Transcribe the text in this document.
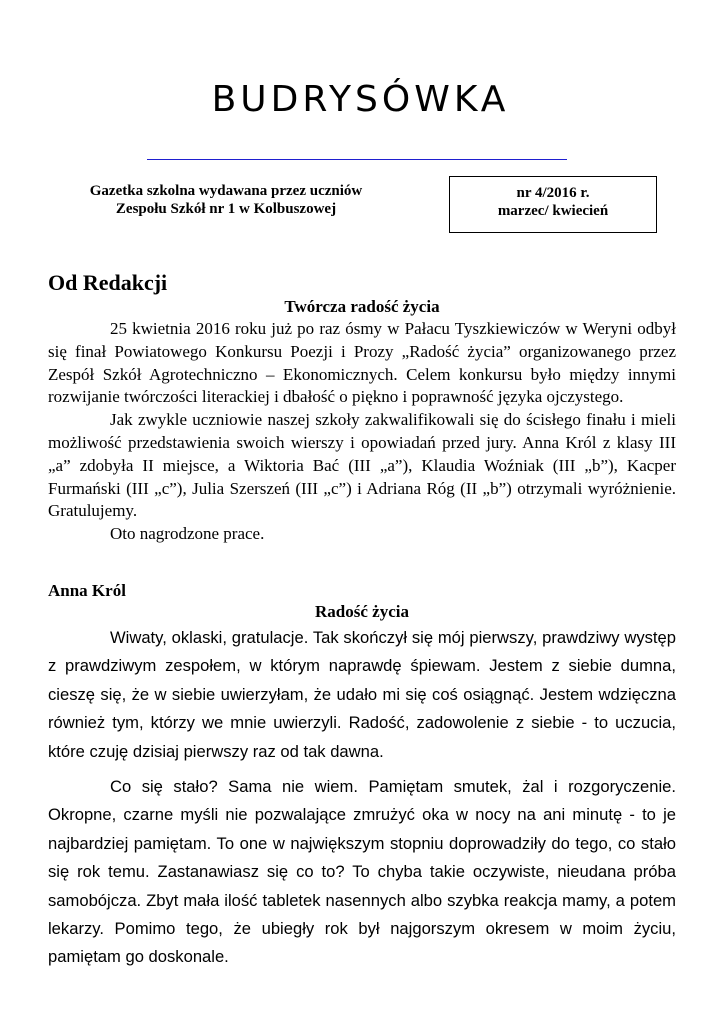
BUDRYSÓWKA
Gazetka szkolna wydawana przez uczniów
Zespołu Szkół nr 1 w Kolbuszowej
nr 4/2016 r.
marzec/ kwiecień
Od Redakcji
Twórcza radość życia

25 kwietnia 2016 roku już po raz ósmy w Pałacu Tyszkiewiczów w Weryni odbył się finał Powiatowego Konkursu Poezji i Prozy „Radość życia” organizowanego przez Zespół Szkół Agrotechniczno – Ekonomicznych. Celem konkursu było między innymi rozwijanie twórczości literackiej i dbałość o piękno i poprawność języka ojczystego.

Jak zwykle uczniowie naszej szkoły zakwalifikowali się do ścisłego finału i mieli możliwość przedstawienia swoich wierszy i opowiadań przed jury. Anna Król z klasy III „a” zdobyła II miejsce, a Wiktoria Bać (III „a”), Klaudia Woźniak (III „b”), Kacper Furmański (III „c”), Julia Szerszeń (III „c”) i Adriana Róg (II „b”) otrzymali wyróżnienie. Gratulujemy.

Oto nagrodzone prace.

Anna Król
Radość życia

Wiwaty, oklaski, gratulacje. Tak skończył się mój pierwszy, prawdziwy występ z prawdziwym zespołem, w którym naprawdę śpiewam. Jestem z siebie dumna, cieszę się, że w siebie uwierzyłam, że udało mi się coś osiągnąć. Jestem wdzięczna również tym, którzy we mnie uwierzyli. Radość, zadowolenie z siebie - to uczucia, które czuję dzisiaj pierwszy raz od tak dawna.

Co się stało? Sama nie wiem. Pamiętam smutek, żal i rozgoryczenie. Okropne, czarne myśli nie pozwalające zmrużyć oka w nocy na ani minutę - to je najbardziej pamiętam. To one w największym stopniu doprowadziły do tego, co stało się rok temu. Zastanawiasz się co to? To chyba takie oczywiste, nieudana próba samobójcza. Zbyt mała ilość tabletek nasennych albo szybka reakcja mamy, a potem lekarzy. Pomimo tego, że ubiegły rok był najgorszym okresem w moim życiu, pamiętam go doskonale.
